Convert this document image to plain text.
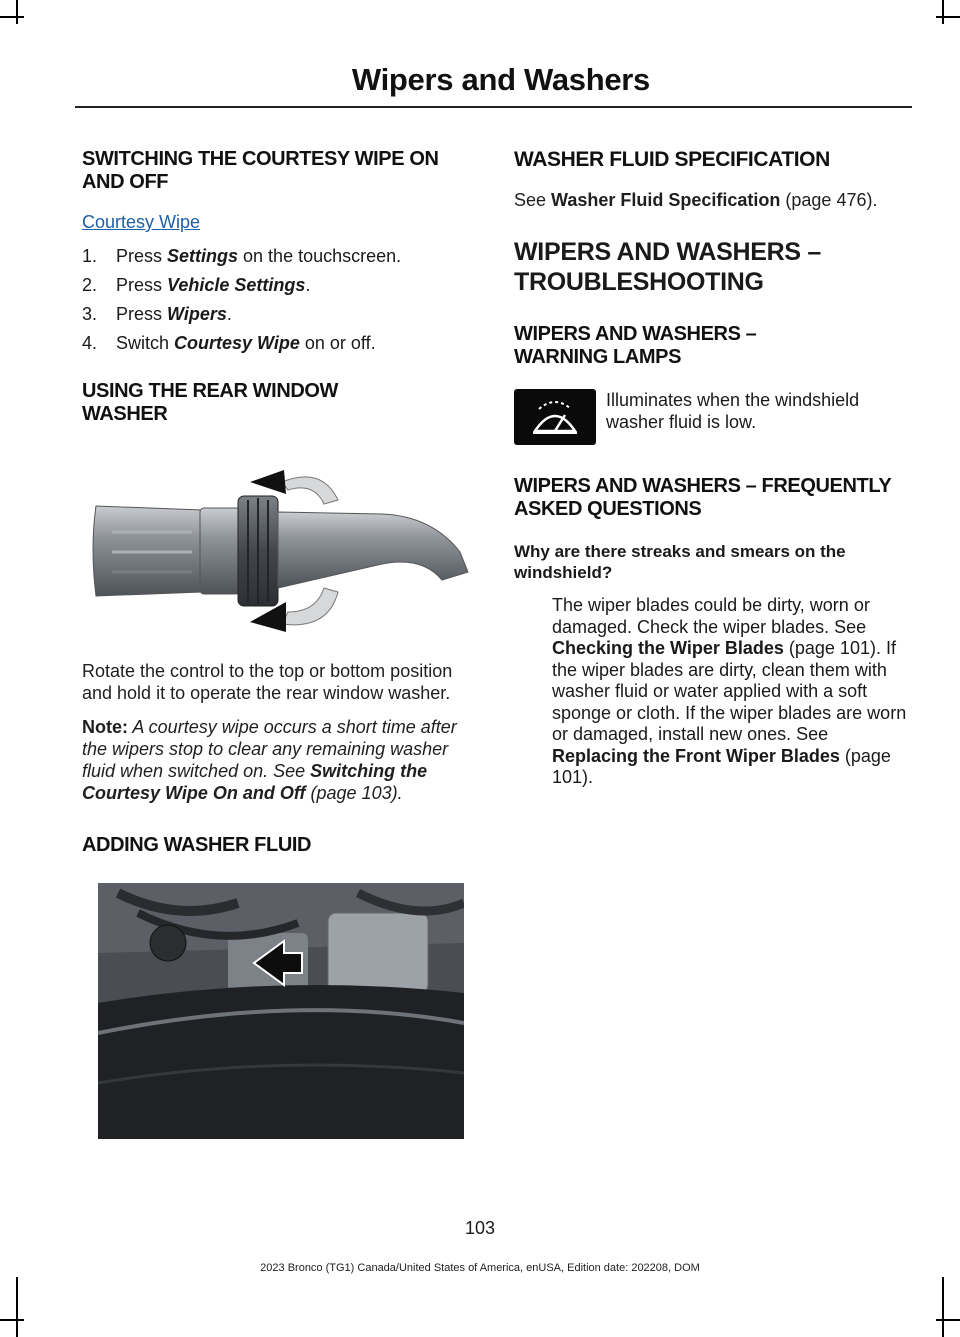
Wipers and Washers
SWITCHING THE COURTESY WIPE ON AND OFF
Courtesy Wipe
1.	Press Settings on the touchscreen.
2.	Press Vehicle Settings.
3.	Press Wipers.
4.	Switch Courtesy Wipe on or off.
USING THE REAR WINDOW WASHER

Rotate the control to the top or bottom position and hold it to operate the rear window washer.

Note: A courtesy wipe occurs a short time after the wipers stop to clear any remaining washer fluid when switched on. See Switching the Courtesy Wipe On and Off (page 103).

ADDING WASHER FLUID
WASHER FLUID SPECIFICATION

See Washer Fluid Specification (page 476).

WIPERS AND WASHERS –
TROUBLESHOOTING
WIPERS AND WASHERS – WARNING LAMPS
Illuminates when the windshield washer fluid is low.
WIPERS AND WASHERS – FREQUENTLY ASKED QUESTIONS
Why are there streaks and smears on the windshield?
The wiper blades could be dirty, worn or damaged. Check the wiper blades. See Checking the Wiper Blades (page 101). If the wiper blades are dirty, clean them with washer fluid or water applied with a soft sponge or cloth. If the wiper blades are worn or damaged, install new ones. See Replacing the Front Wiper Blades (page 101).
103
2023 Bronco (TG1) Canada/United States of America, enUSA, Edition date: 202208, DOM
